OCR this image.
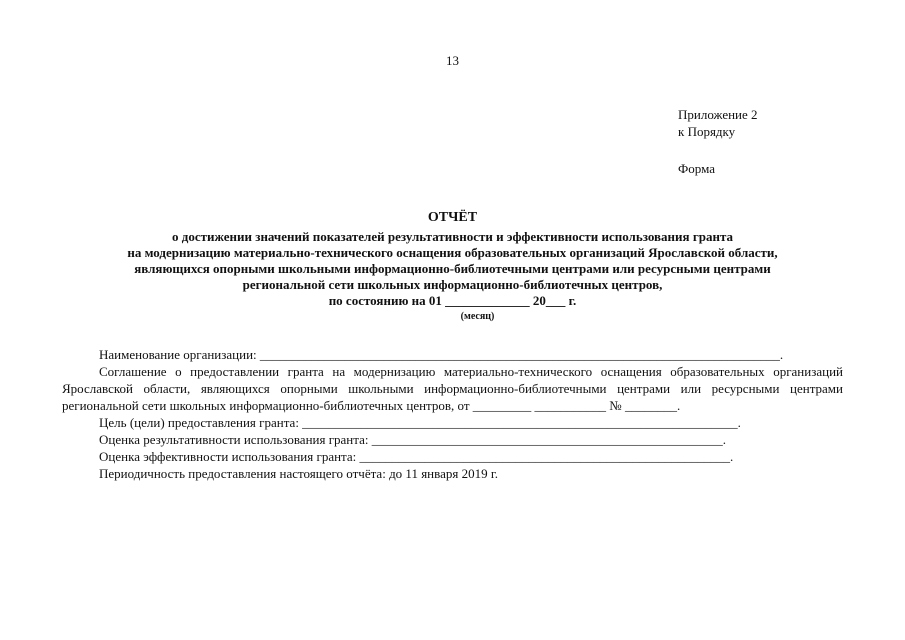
13
Приложение 2
к Порядку
Форма
ОТЧЁТ
о достижении значений показателей результативности и эффективности использования гранта
на модернизацию материально-технического оснащения образовательных организаций Ярославской области,
являющихся опорными школьными информационно-библиотечными центрами или ресурсными центрами
региональной сети школьных информационно-библиотечных центров,
по состоянию на 01 _____________ 20___ г.
(месяц)

Наименование организации: ________________________________________________________________________________.

Соглашение о предоставлении гранта на модернизацию материально-технического оснащения образовательных организаций Ярославской области, являющихся опорными школьными информационно-библиотечными центрами или ресурсными центрами региональной сети школьных информационно-библиотечных центров, от _________ ___________ № ________.

Цель (цели) предоставления гранта: ___________________________________________________________________.

Оценка результативности использования гранта: ______________________________________________________.

Оценка эффективности использования гранта: _________________________________________________________.

Периодичность предоставления настоящего отчёта: до 11 января 2019 г.
